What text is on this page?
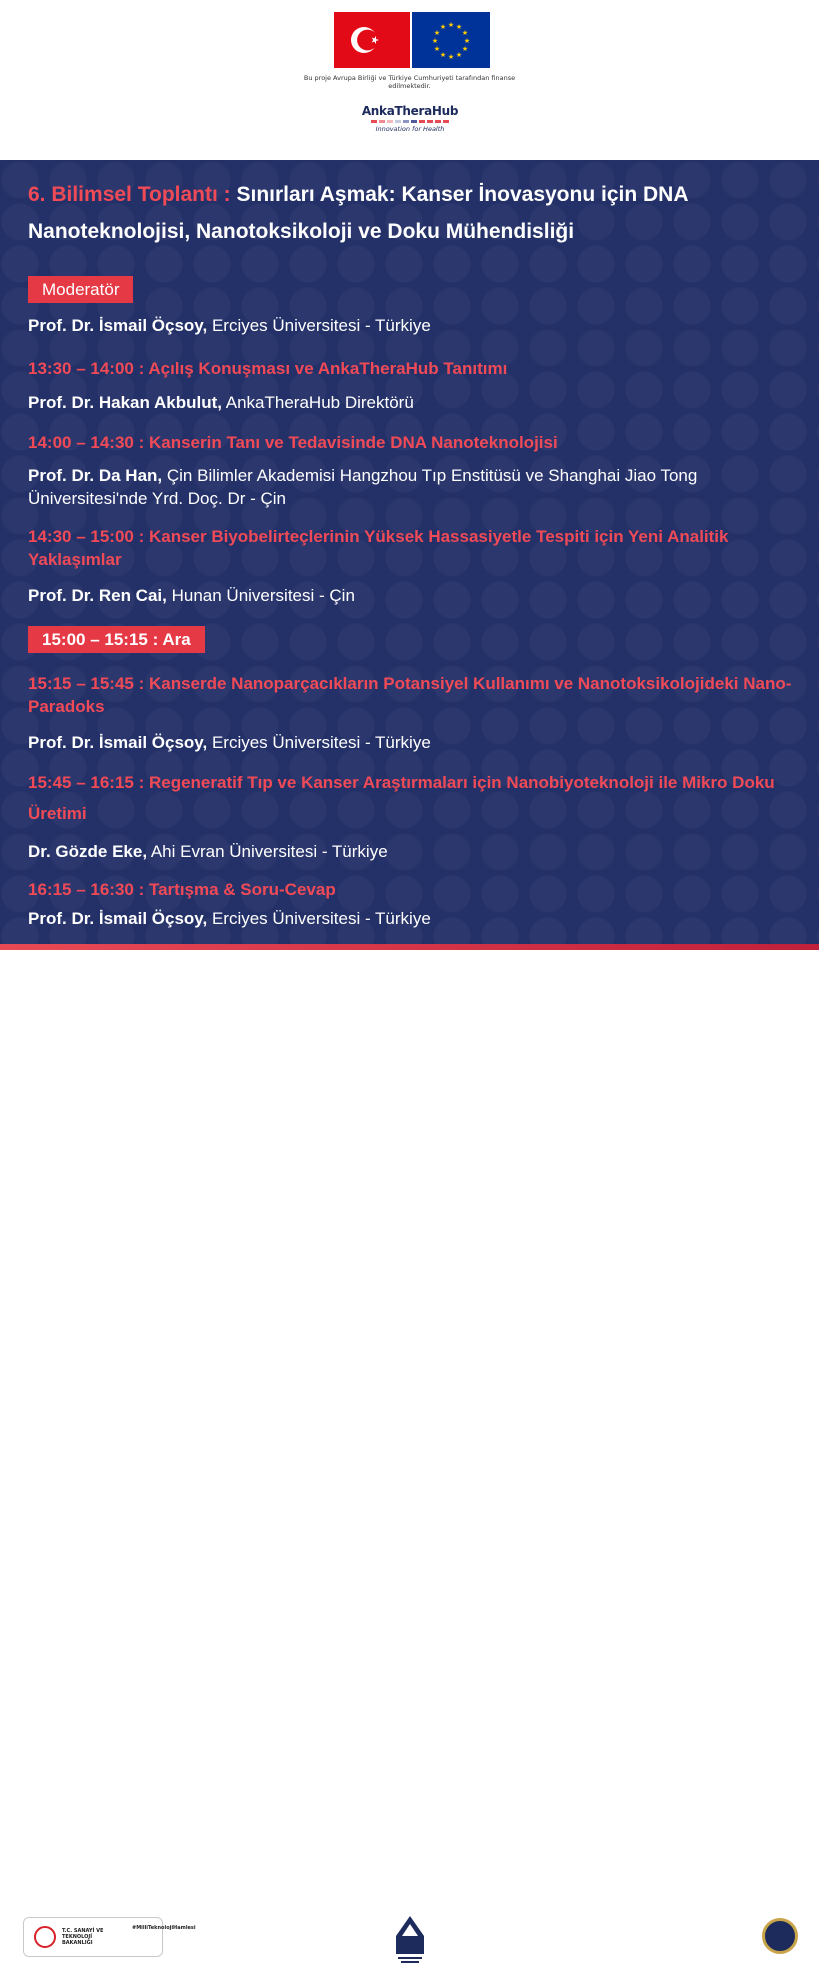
★ ★
★
★
★
★
★
★
★
★
★
★
Bu proje Avrupa Birliği ve Türkiye Cumhuriyeti tarafından finanse edilmektedir.
AnkaTheraHub
Innovation for Health
6. Bilimsel Toplantı : Sınırları Aşmak: Kanser İnovasyonu için DNA Nanoteknolojisi, Nanotoksikoloji ve Doku Mühendisliği
Moderatör

Prof. Dr. İsmail Öçsoy, Erciyes Üniversitesi - Türkiye

13:30 – 14:00 : Açılış Konuşması ve AnkaTheraHub Tanıtımı

Prof. Dr. Hakan Akbulut, AnkaTheraHub Direktörü

14:00 – 14:30 : Kanserin Tanı ve Tedavisinde DNA Nanoteknolojisi

Prof. Dr. Da Han, Çin Bilimler Akademisi Hangzhou Tıp Enstitüsü ve Shanghai Jiao Tong Üniversitesi'nde Yrd. Doç. Dr - Çin

14:30 – 15:00 : Kanser Biyobelirteçlerinin Yüksek Hassasiyetle Tespiti için Yeni Analitik Yaklaşımlar

Prof. Dr. Ren Cai, Hunan Üniversitesi - Çin

15:00 – 15:15 : Ara

15:15 – 15:45 : Kanserde Nanoparçacıkların Potansiyel Kullanımı ve Nanotoksikolojideki Nano-Paradoks

Prof. Dr. İsmail Öçsoy, Erciyes Üniversitesi - Türkiye

15:45 – 16:15 : Regeneratif Tıp ve Kanser Araştırmaları için Nanobiyoteknoloji ile Mikro Doku Üretimi

Dr. Gözde Eke, Ahi Evran Üniversitesi - Türkiye

16:15 – 16:30 : Tartışma & Soru-Cevap

Prof. Dr. İsmail Öçsoy, Erciyes Üniversitesi - Türkiye

T.C. SANAYİ VE TEKNOLOJİ BAKANLIĞI
#MilliTeknolojiHamlesi
